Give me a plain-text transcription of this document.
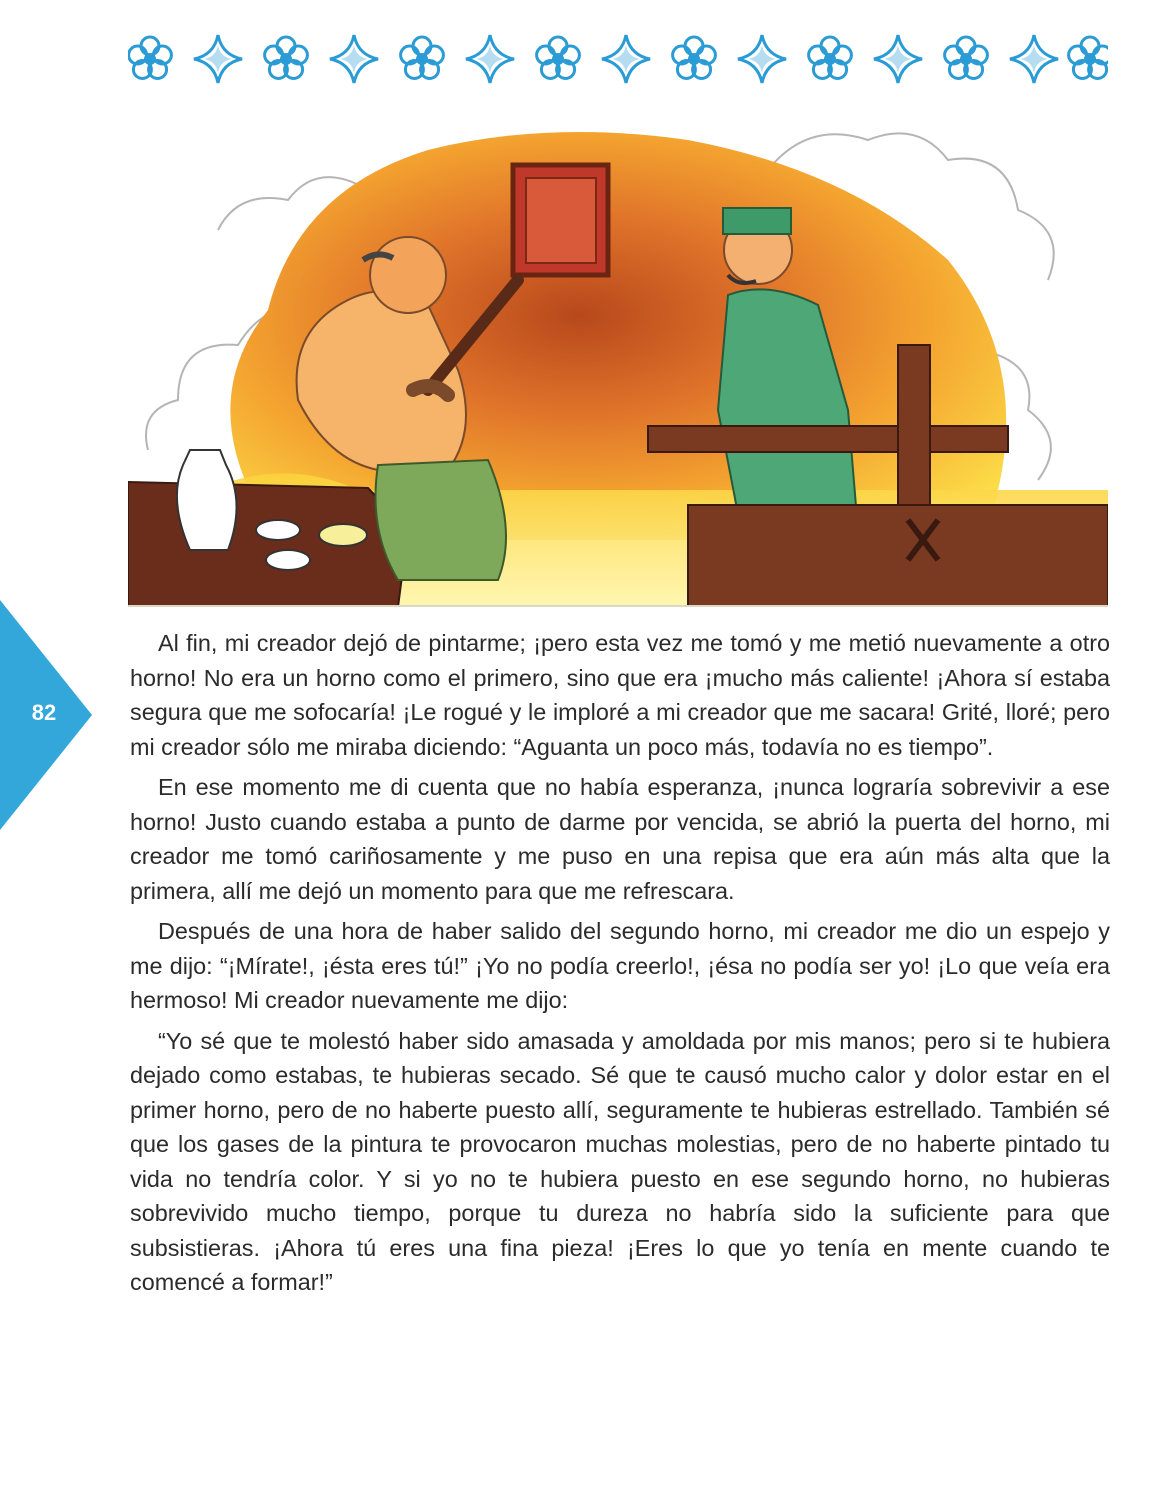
82

Al fin, mi creador dejó de pintarme; ¡pero esta vez me tomó y me metió nuevamente a otro horno! No era un horno como el primero, sino que era ¡mucho más caliente! ¡Ahora sí estaba segura que me sofocaría! ¡Le rogué y le imploré a mi creador que me sacara! Grité, lloré; pero mi creador sólo me miraba diciendo: “Aguanta un poco más, todavía no es tiempo”.

En ese momento me di cuenta que no había esperanza, ¡nunca lograría sobrevivir a ese horno! Justo cuando estaba a punto de darme por vencida, se abrió la puerta del horno, mi creador me tomó cariñosamente y me puso en una repisa que era aún más alta que la primera, allí me dejó un momento para que me refrescara.

Después de una hora de haber salido del segundo horno, mi creador me dio un espejo y me dijo: “¡Mírate!, ¡ésta eres tú!” ¡Yo no podía creerlo!, ¡ésa no podía ser yo! ¡Lo que veía era hermoso! Mi creador nuevamente me dijo:

“Yo sé que te molestó haber sido amasada y amoldada por mis manos; pero si te hubiera dejado como estabas, te hubieras secado. Sé que te causó mucho calor y dolor estar en el primer horno, pero de no haberte puesto allí, seguramente te hubieras estrellado. También sé que los gases de la pintura te provocaron muchas molestias, pero de no haberte pintado tu vida no tendría color. Y si yo no te hubiera puesto en ese segundo horno, no hubieras sobrevivido mucho tiempo, porque tu dureza no habría sido la suficiente para que subsistieras. ¡Ahora tú eres una fina pieza! ¡Eres lo que yo tenía en mente cuando te comencé a formar!”
